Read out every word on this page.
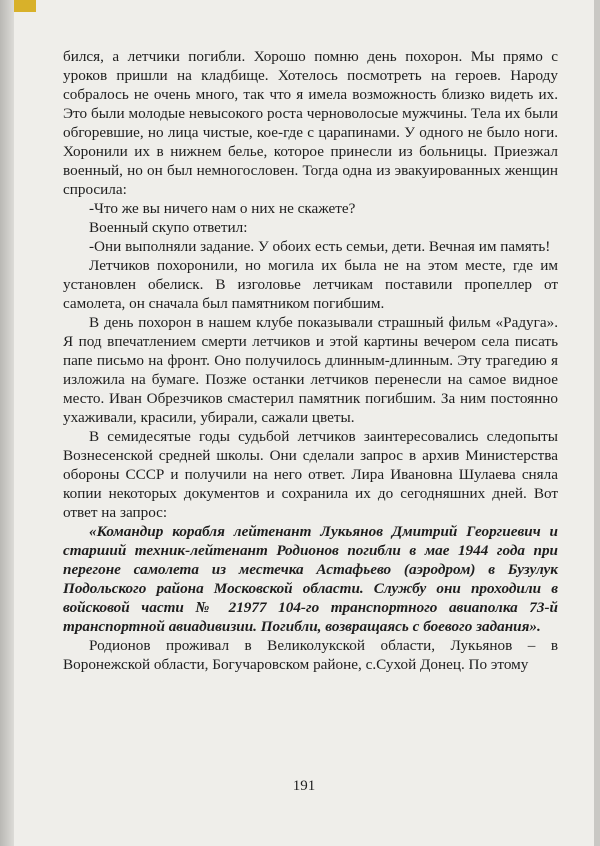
бился, а летчики погибли. Хорошо помню день похорон. Мы прямо с уроков пришли на кладбище. Хотелось посмотреть на героев. Народу собралось не очень много, так что я имела возможность близко видеть их. Это были молодые невысокого роста черноволосые мужчины. Тела их были обгоревшие, но лица чистые, кое-где с царапинами. У одного не было ноги. Хоронили их в нижнем белье, которое принесли из больницы. Приезжал военный, но он был немногословен. Тогда одна из эвакуированных женщин спросила:

-Что же вы ничего нам о них не скажете?

Военный скупо ответил:

-Они выполняли задание. У обоих есть семьи, дети. Вечная им память!

Летчиков похоронили, но могила их была не на этом месте, где им установлен обелиск. В изголовье летчикам поставили пропеллер от самолета, он сначала был памятником погибшим.

В день похорон в нашем клубе показывали страшный фильм «Радуга». Я под впечатлением смерти летчиков и этой картины вечером села писать папе письмо на фронт. Оно получилось длинным-длинным. Эту трагедию я изложила на бумаге. Позже останки летчиков перенесли на самое видное место. Иван Обрезчиков смастерил памятник погибшим. За ним постоянно ухаживали, красили, убирали, сажали цветы.

В семидесятые годы судьбой летчиков заинтересовались следопыты Вознесенской средней школы. Они сделали запрос в архив Министерства обороны СССР и получили на него ответ. Лира Ивановна Шулаева сняла копии некоторых документов и сохранила их до сегодняшних дней. Вот ответ на запрос:

«Командир корабля лейтенант Лукьянов Дмитрий Георгиевич и старший техник-лейтенант Родионов погибли в мае 1944 года при перегоне самолета из местечка Астафьево (аэродром) в Бузулук Подольского района Московской области. Службу они проходили в войсковой части № 21977 104-го транспортного авиаполка 73-й транспортной авиадивизии. Погибли, возвращаясь с боевого задания».

Родионов проживал в Великолукской области, Лукьянов – в Воронежской области, Богучаровском районе, с.Сухой Донец. По этому

191
